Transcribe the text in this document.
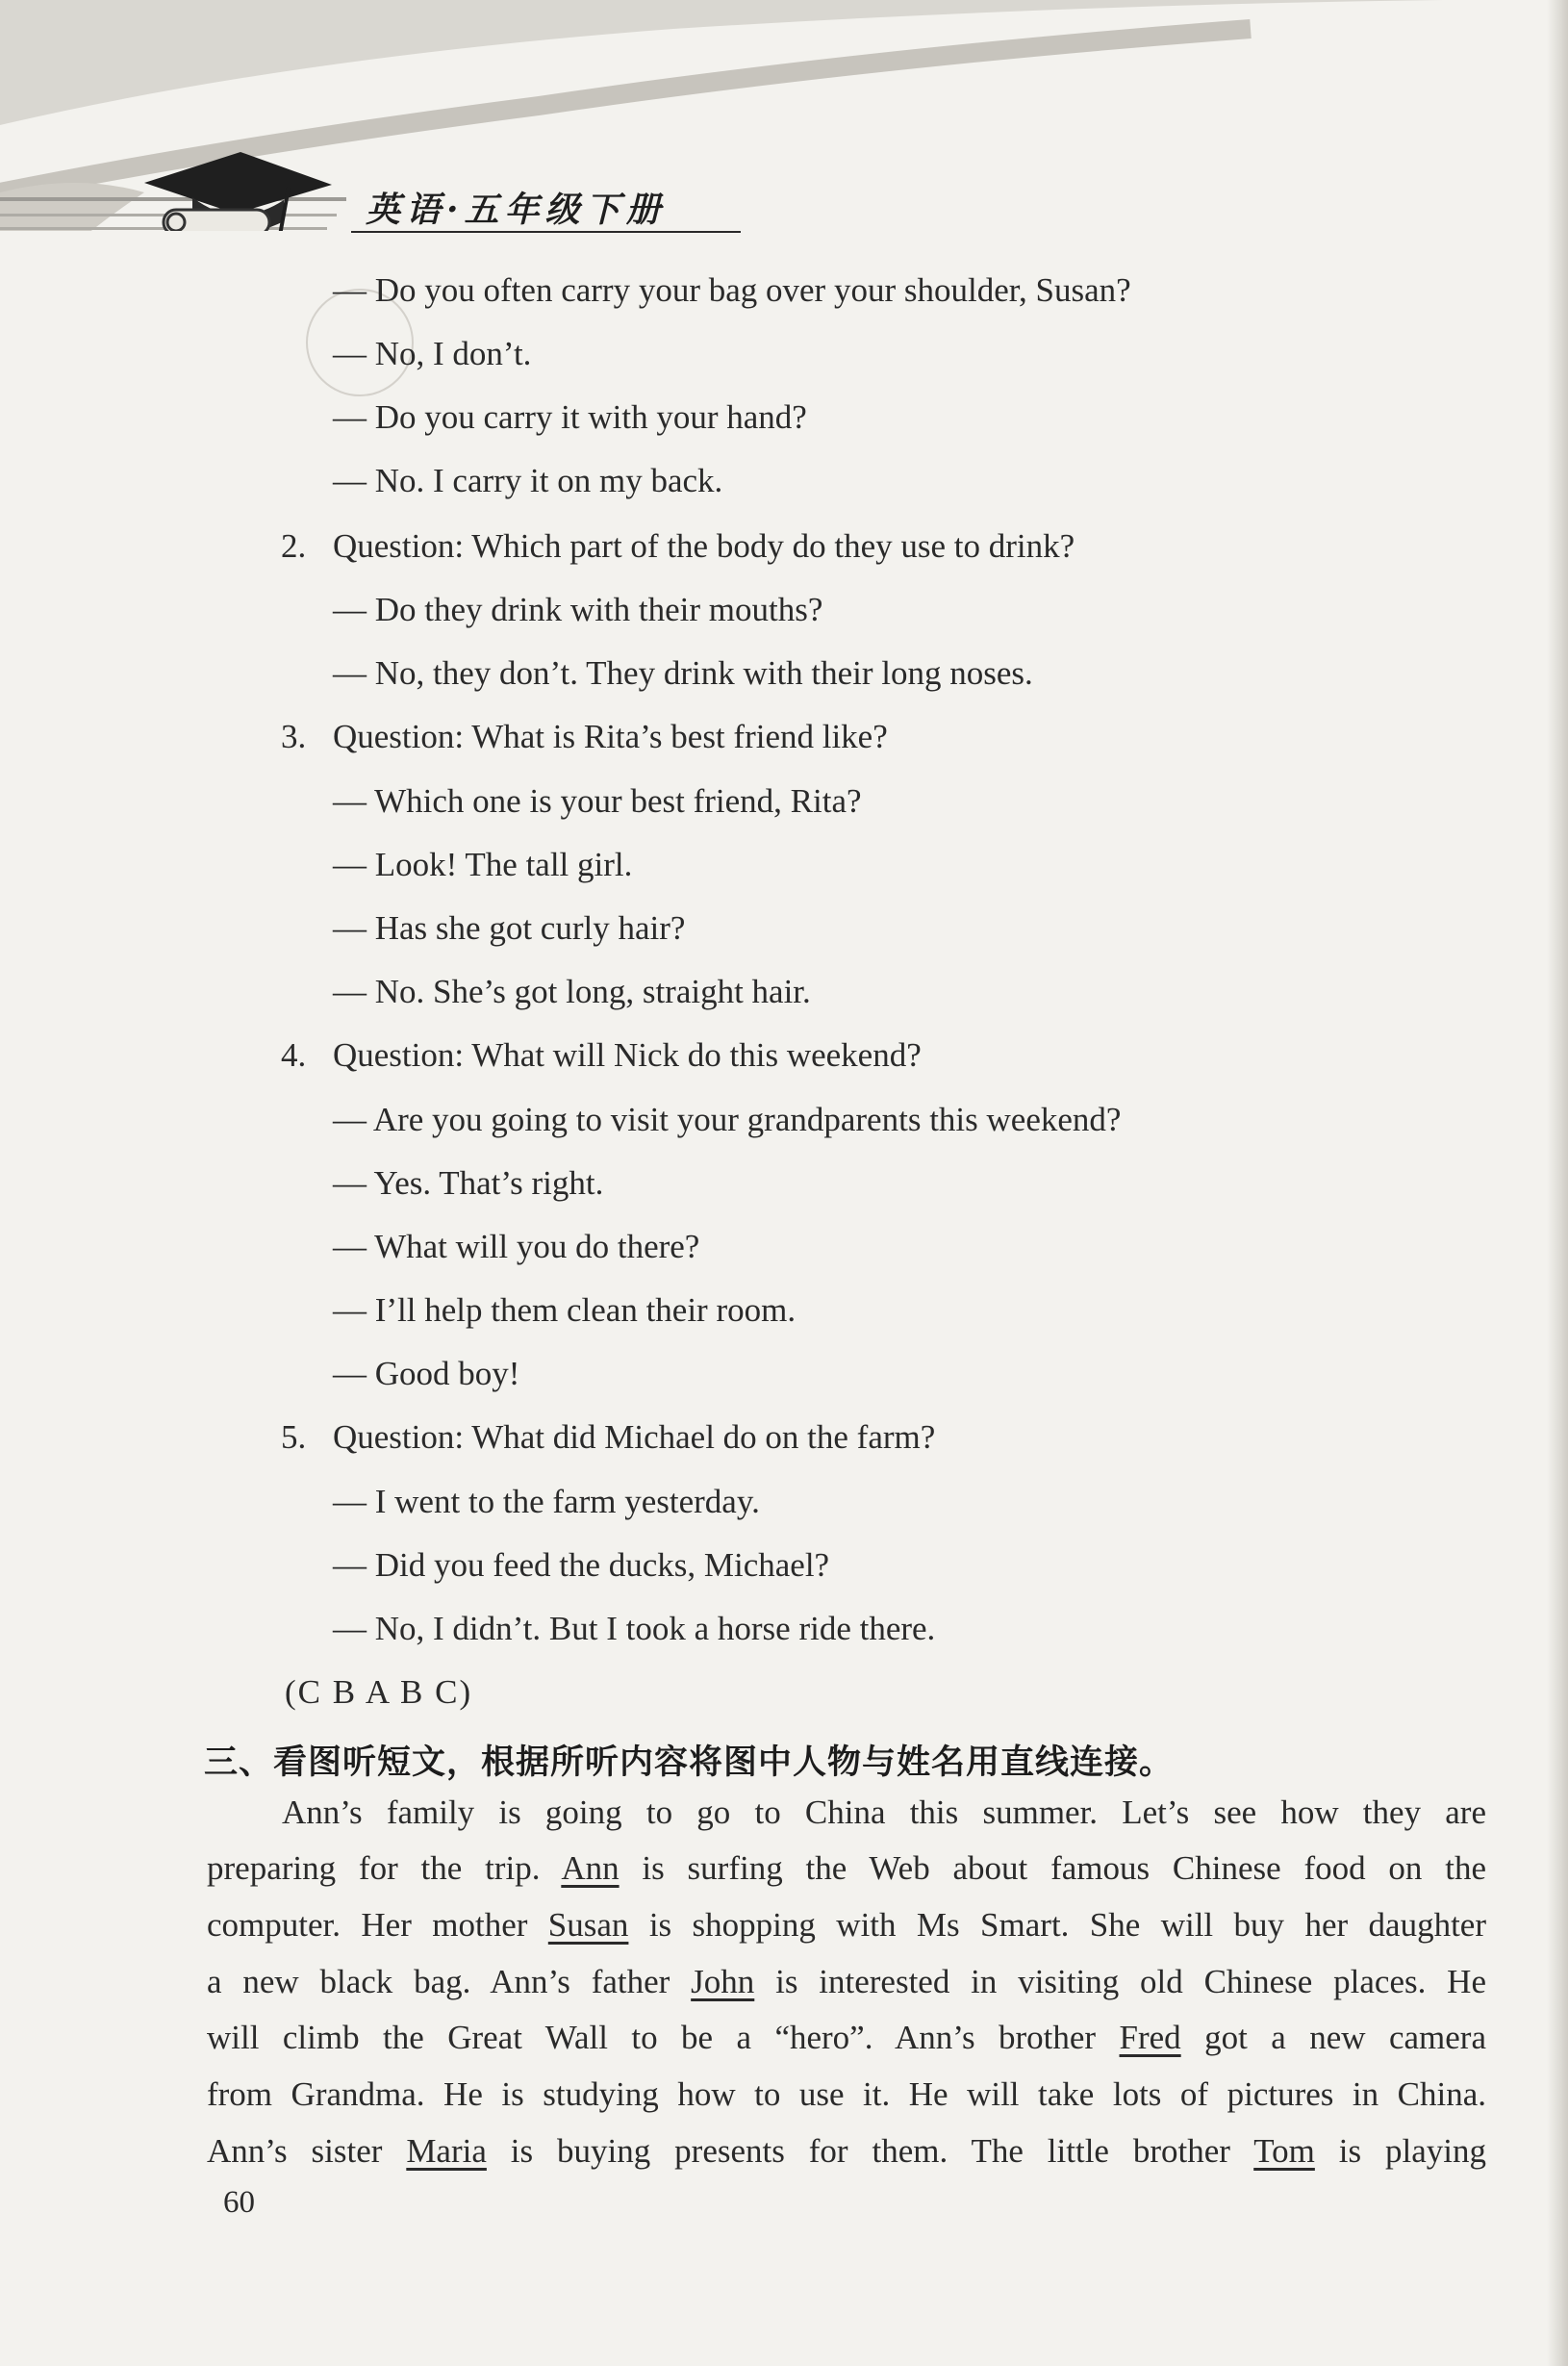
英语·五年级下册
— Do you often carry your bag over your shoulder, Susan?
— No, I don’t.
— Do you carry it with your hand?
— No. I carry it on my back.
2. Question: Which part of the body do they use to drink?
— Do they drink with their mouths?
— No, they don’t. They drink with their long noses.
3. Question: What is Rita’s best friend like?
— Which one is your best friend, Rita?
— Look! The tall girl.
— Has she got curly hair?
— No. She’s got long, straight hair.
4. Question: What will Nick do this weekend?
— Are you going to visit your grandparents this weekend?
— Yes. That’s right.
— What will you do there?
— I’ll help them clean their room.
— Good boy!
5. Question: What did Michael do on the farm?
— I went to the farm yesterday.
— Did you feed the ducks, Michael?
— No, I didn’t. But I took a horse ride there.
(C B A B C)
三、看图听短文，根据所听内容将图中人物与姓名用直线连接。
Ann’s family is going to go to China this summer. Let’s see how they are
preparing for the trip. Ann is surfing the Web about famous Chinese food on the
computer. Her mother Susan is shopping with Ms Smart. She will buy her daughter
a new black bag. Ann’s father John is interested in visiting old Chinese places. He
will climb the Great Wall to be a “hero”. Ann’s brother Fred got a new camera
from Grandma. He is studying how to use it. He will take lots of pictures in China.
Ann’s sister Maria is buying presents for them. The little brother Tom is playing
60
